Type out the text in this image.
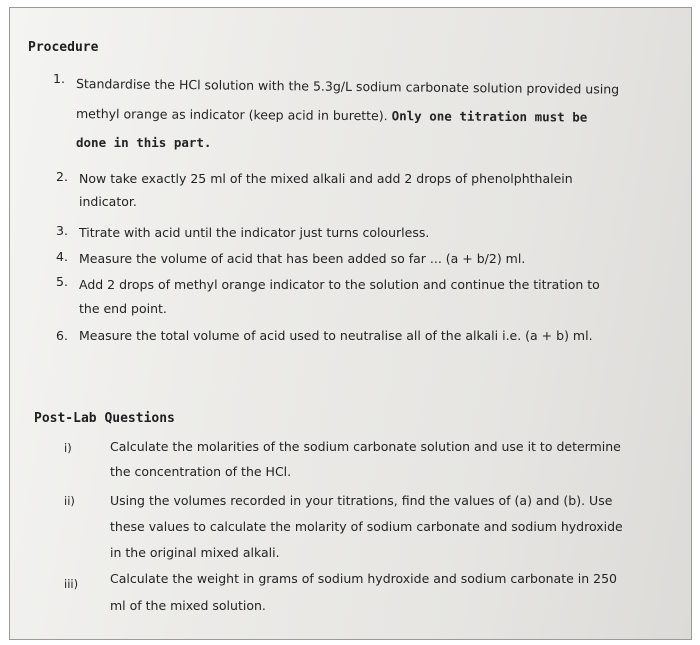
Procedure
1. Standardise the HCl solution with the 5.3g/L sodium carbonate solution provided using
methyl orange as indicator (keep acid in burette). Only one titration must be
done in this part.
2. Now take exactly 25 ml of the mixed alkali and add 2 drops of phenolphthalein
indicator.
3. Titrate with acid until the indicator just turns colourless.
4. Measure the volume of acid that has been added so far ... (a + b/2) ml.
5. Add 2 drops of methyl orange indicator to the solution and continue the titration to
the end point.
6. Measure the total volume of acid used to neutralise all of the alkali i.e. (a + b) ml.
Post-Lab Questions
i)	Calculate the molarities of the sodium carbonate solution and use it to determine
the concentration of the HCl.
ii)	Using the volumes recorded in your titrations, find the values of (a) and (b). Use
these values to calculate the molarity of sodium carbonate and sodium hydroxide
in the original mixed alkali.
iii)	Calculate the weight in grams of sodium hydroxide and sodium carbonate in 250
ml of the mixed solution.
